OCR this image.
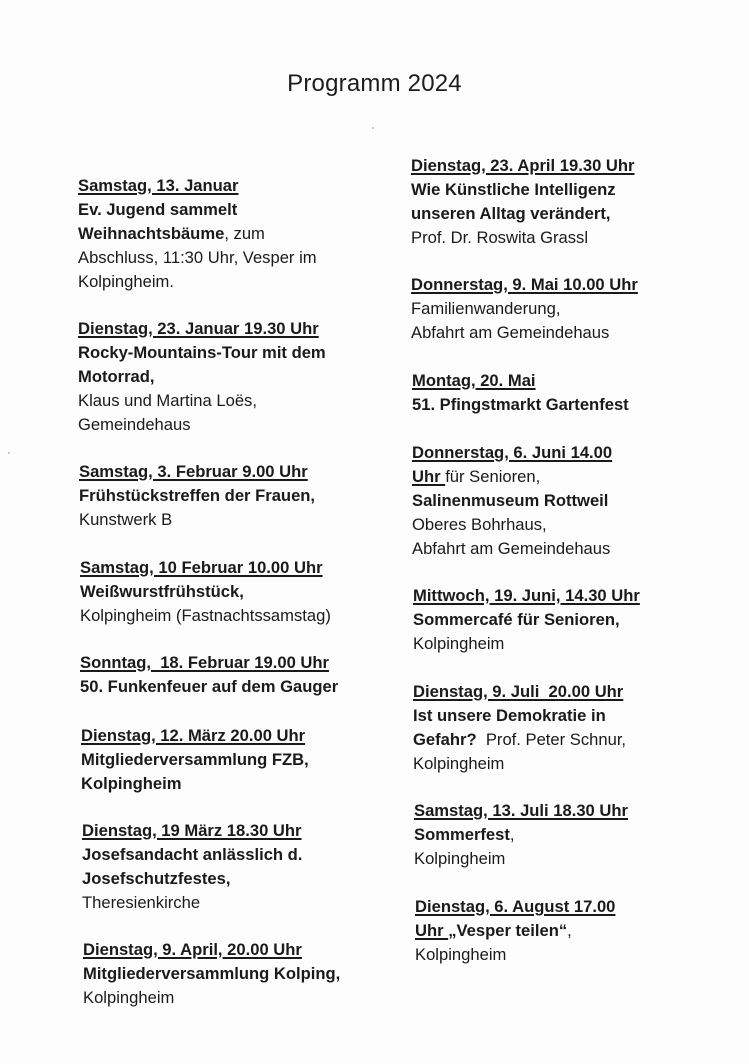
Programm 2024
Samstag, 13. Januar
Ev. Jugend sammelt
Weihnachtsbäume, zum
Abschluss, 11:30 Uhr, Vesper im
Kolpingheim.
Dienstag, 23. Januar 19.30 Uhr
Rocky-Mountains-Tour mit dem
Motorrad,
Klaus und Martina Loës,
Gemeindehaus
Samstag, 3. Februar 9.00 Uhr
Frühstückstreffen der Frauen,
Kunstwerk B
Samstag, 10 Februar 10.00 Uhr
Weißwurstfrühstück,
Kolpingheim (Fastnachtssamstag)
Sonntag,  18. Februar 19.00 Uhr
50. Funkenfeuer auf dem Gauger
Dienstag, 12. März 20.00 Uhr
Mitgliederversammlung FZB,
Kolpingheim
Dienstag, 19 März 18.30 Uhr
Josefsandacht anlässlich d.
Josefschutzfestes,
Theresienkirche
Dienstag, 9. April, 20.00 Uhr
Mitgliederversammlung Kolping,
Kolpingheim
Dienstag, 23. April 19.30 Uhr
Wie Künstliche Intelligenz
unseren Alltag verändert,
Prof. Dr. Roswita Grassl
Donnerstag, 9. Mai 10.00 Uhr
Familienwanderung,
Abfahrt am Gemeindehaus
Montag, 20. Mai
51. Pfingstmarkt Gartenfest
Donnerstag, 6. Juni 14.00
Uhr für Senioren,
Salinenmuseum Rottweil
Oberes Bohrhaus,
Abfahrt am Gemeindehaus
Mittwoch, 19. Juni, 14.30 Uhr
Sommercafé für Senioren,
Kolpingheim
Dienstag, 9. Juli  20.00 Uhr
Ist unsere Demokratie in
Gefahr?  Prof. Peter Schnur,
Kolpingheim
Samstag, 13. Juli 18.30 Uhr
Sommerfest,
Kolpingheim
Dienstag, 6. August 17.00
Uhr „Vesper teilen“,
Kolpingheim
